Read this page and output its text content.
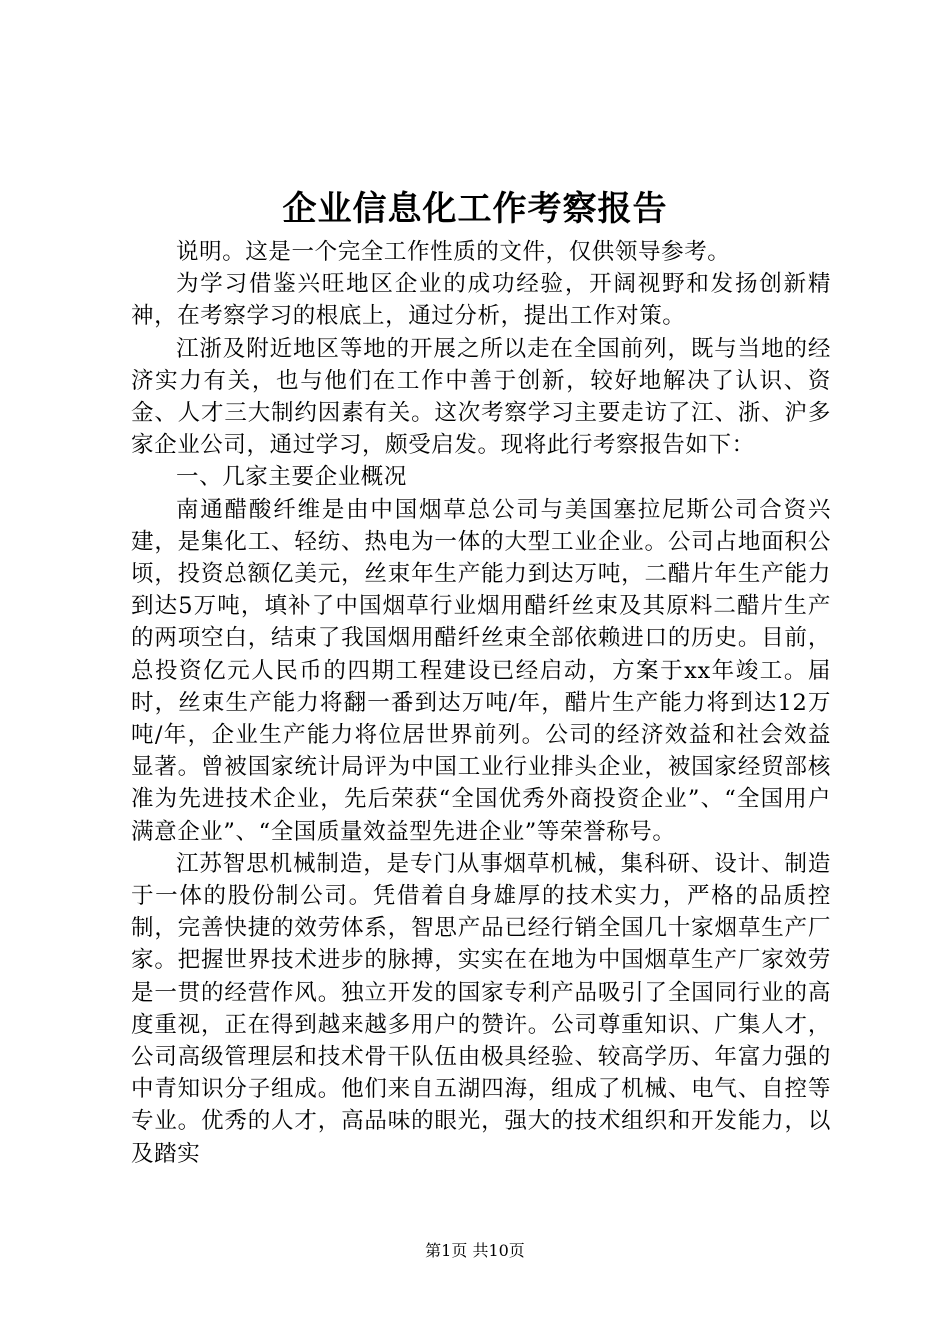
企业信息化工作考察报告

说明。这是一个完全工作性质的文件，仅供领导参考。

为学习借鉴兴旺地区企业的成功经验，开阔视野和发扬创新精神，在考察学习的根底上，通过分析，提出工作对策。

江浙及附近地区等地的开展之所以走在全国前列，既与当地的经济实力有关，也与他们在工作中善于创新，较好地解决了认识、资金、人才三大制约因素有关。这次考察学习主要走访了江、浙、沪多家企业公司，通过学习，颇受启发。现将此行考察报告如下：

一、几家主要企业概况

南通醋酸纤维是由中国烟草总公司与美国塞拉尼斯公司合资兴建，是集化工、轻纺、热电为一体的大型工业企业。公司占地面积公顷，投资总额亿美元，丝束年生产能力到达万吨，二醋片年生产能力到达5万吨，填补了中国烟草行业烟用醋纤丝束及其原料二醋片生产的两项空白，结束了我国烟用醋纤丝束全部依赖进口的历史。目前，总投资亿元人民币的四期工程建设已经启动，方案于xx年竣工。届时，丝束生产能力将翻一番到达万吨/年，醋片生产能力将到达12万吨/年，企业生产能力将位居世界前列。公司的经济效益和社会效益显著。曾被国家统计局评为中国工业行业排头企业，被国家经贸部核准为先进技术企业，先后荣获“全国优秀外商投资企业”、“全国用户满意企业”、“全国质量效益型先进企业”等荣誉称号。

江苏智思机械制造，是专门从事烟草机械，集科研、设计、制造于一体的股份制公司。凭借着自身雄厚的技术实力，严格的品质控制，完善快捷的效劳体系，智思产品已经行销全国几十家烟草生产厂家。把握世界技术进步的脉搏，实实在在地为中国烟草生产厂家效劳是一贯的经营作风。独立开发的国家专利产品吸引了全国同行业的高度重视，正在得到越来越多用户的赞许。公司尊重知识、广集人才，公司高级管理层和技术骨干队伍由极具经验、较高学历、年富力强的中青知识分子组成。他们来自五湖四海，组成了机械、电气、自控等专业。优秀的人才，高品味的眼光，强大的技术组织和开发能力，以及踏实

第1页 共10页
